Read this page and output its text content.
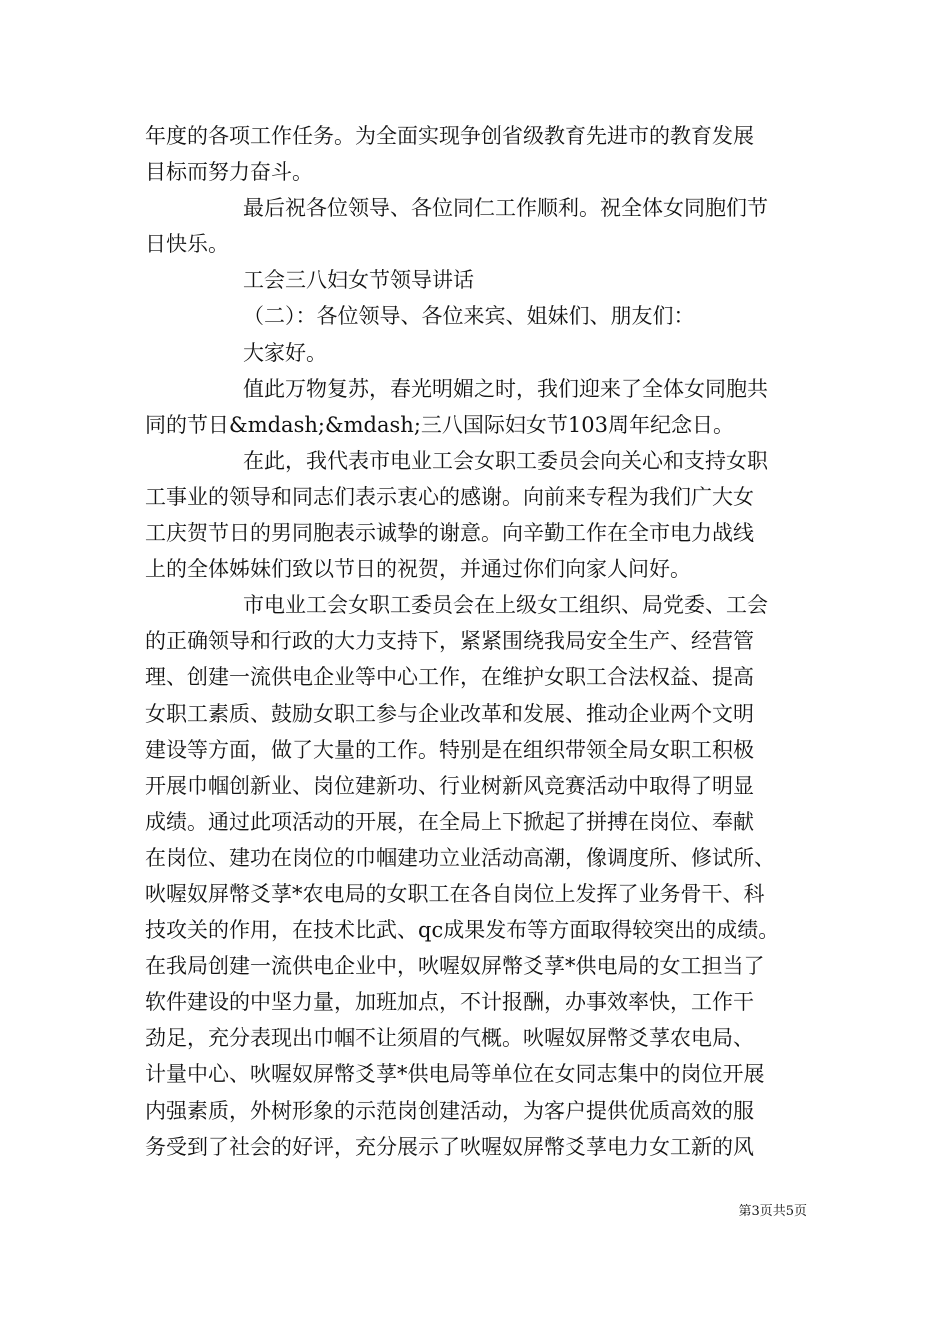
年度的各项工作任务。为全面实现争创省级教育先进市的教育发展
目标而努力奋斗。
最后祝各位领导、各位同仁工作顺利。祝全体女同胞们节
日快乐。
工会三八妇女节领导讲话
（二）：各位领导、各位来宾、姐妹们、朋友们：
大家好。
值此万物复苏，春光明媚之时，我们迎来了全体女同胞共
同的节日&mdash;&mdash;三八国际妇女节103周年纪念日。
在此，我代表市电业工会女职工委员会向关心和支持女职
工事业的领导和同志们表示衷心的感谢。向前来专程为我们广大女
工庆贺节日的男同胞表示诚挚的谢意。向辛勤工作在全市电力战线
上的全体姊妹们致以节日的祝贺，并通过你们向家人问好。
市电业工会女职工委员会在上级女工组织、局党委、工会
的正确领导和行政的大力支持下，紧紧围绕我局安全生产、经营管
理、创建一流供电企业等中心工作，在维护女职工合法权益、提高
女职工素质、鼓励女职工参与企业改革和发展、推动企业两个文明
建设等方面，做了大量的工作。特别是在组织带领全局女职工积极
开展巾帼创新业、岗位建新功、行业树新风竞赛活动中取得了明显
成绩。通过此项活动的开展，在全局上下掀起了拼搏在岗位、奉献
在岗位、建功在岗位的巾帼建功立业活动高潮，像调度所、修试所、
吙喔奴屏幣爻莩*农电局的女职工在各自岗位上发挥了业务骨干、科
技攻关的作用，在技术比武、qc成果发布等方面取得较突出的成绩。
在我局创建一流供电企业中，吙喔奴屏幣爻莩*供电局的女工担当了
软件建设的中坚力量，加班加点，不计报酬，办事效率快，工作干
劲足，充分表现出巾帼不让须眉的气概。吙喔奴屏幣爻莩农电局、
计量中心、吙喔奴屏幣爻莩*供电局等单位在女同志集中的岗位开展
内强素质，外树形象的示范岗创建活动，为客户提供优质高效的服
务受到了社会的好评，充分展示了吙喔奴屏幣爻莩电力女工新的风
第3页共5页
